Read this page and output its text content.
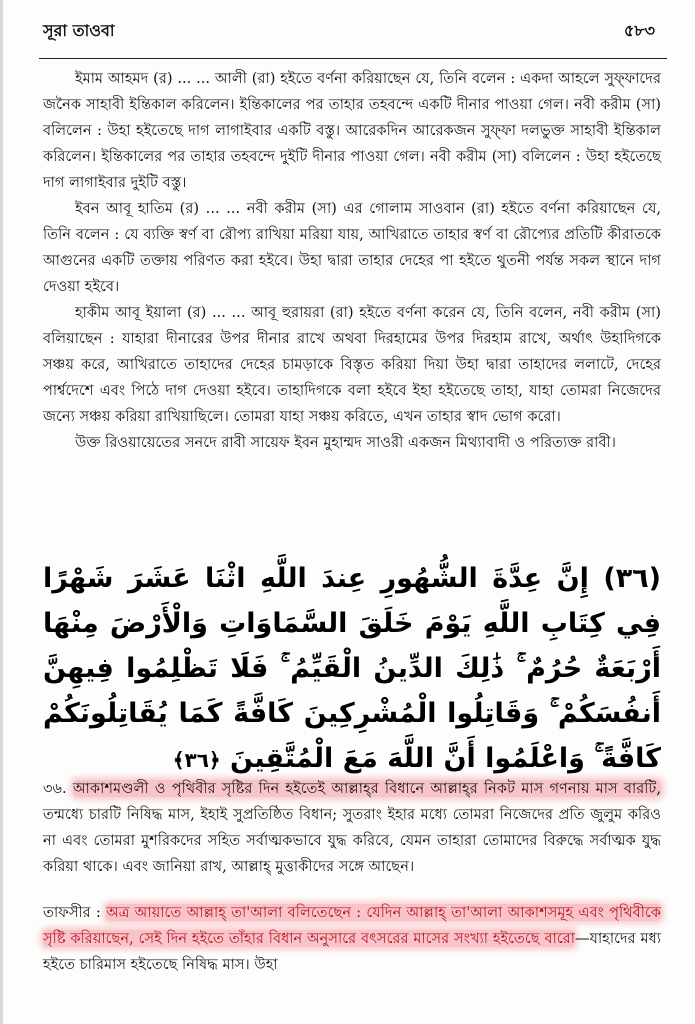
সূরা তাওবা	৫৮৩

ইমাম আহমদ (র) ... ... আলী (রা) হইতে বর্ণনা করিয়াছেন যে, তিনি বলেন : একদা আহলে সুফ্ফাদের জনৈক সাহাবী ইন্তিকাল করিলেন। ইন্তিকালের পর তাহার তহবন্দে একটি দীনার পাওয়া গেল। নবী করীম (সা) বলিলেন : উহা হইতেছে দাগ লাগাইবার একটি বস্তু। আরেকদিন আরেকজন সুফ্ফা দলভুক্ত সাহাবী ইন্তিকাল করিলেন। ইন্তিকালের পর তাহার তহবন্দে দুইটি দীনার পাওয়া গেল। নবী করীম (সা) বলিলেন : উহা হইতেছে দাগ লাগাইবার দুইটি বস্তু।

ইবন আবূ হাতিম (র) ... ... নবী করীম (সা) এর গোলাম সাওবান (রা) হইতে বর্ণনা করিয়াছেন যে, তিনি বলেন : যে ব্যক্তি স্বর্ণ বা রৌপ্য রাখিয়া মরিয়া যায়, আখিরাতে তাহার স্বর্ণ বা রৌপ্যের প্রতিটি কীরাতকে আগুনের একটি তক্তায় পরিণত করা হইবে। উহা দ্বারা তাহার দেহের পা হইতে থুতনী পর্যন্ত সকল স্থানে দাগ দেওয়া হইবে।

হাকীম আবূ ইয়ালা (র) ... ... আবূ হুরায়রা (রা) হইতে বর্ণনা করেন যে, তিনি বলেন, নবী করীম (সা) বলিয়াছেন : যাহারা দীনারের উপর দীনার রাখে অথবা দিরহামের উপর দিরহাম রাখে, অর্থাৎ উহাদিগকে সঞ্চয় করে, আখিরাতে তাহাদের দেহের চামড়াকে বিস্তৃত করিয়া দিয়া উহা দ্বারা তাহাদের ললাটে, দেহের পার্শ্বদেশে এবং পিঠে দাগ দেওয়া হইবে। তাহাদিগকে বলা হইবে ইহা হইতেছে তাহা, যাহা তোমরা নিজেদের জন্যে সঞ্চয় করিয়া রাখিয়াছিলে। তোমরা যাহা সঞ্চয় করিতে, এখন তাহার স্বাদ ভোগ করো।

উক্ত রিওয়ায়েতের সনদে রাবী সায়েফ ইবন মুহাম্মদ সাওরী একজন মিথ্যাবাদী ও পরিত্যক্ত রাবী।

(٣٦) إِنَّ عِدَّةَ الشُّهُورِ عِندَ اللَّهِ اثْنَا عَشَرَ شَهْرًا فِي كِتَابِ اللَّهِ يَوْمَ خَلَقَ السَّمَاوَاتِ وَالْأَرْضَ مِنْهَا أَرْبَعَةٌ حُرُمٌ ۚ ذَٰلِكَ الدِّينُ الْقَيِّمُ ۚ فَلَا تَظْلِمُوا فِيهِنَّ أَنفُسَكُمْ ۚ وَقَاتِلُوا الْمُشْرِكِينَ كَافَّةً كَمَا يُقَاتِلُونَكُمْ كَافَّةً ۚ وَاعْلَمُوا أَنَّ اللَّهَ مَعَ الْمُتَّقِينَ ﴿٣٦﴾
৩৬. আকাশমণ্ডলী ও পৃথিবীর সৃষ্টির দিন হইতেই আল্লাহ্‌র বিধানে আল্লাহ্‌র নিকট মাস গণনায় মাস বারটি, তন্মধ্যে চারটি নিষিদ্ধ মাস, ইহাই সুপ্রতিষ্ঠিত বিধান; সুতরাং ইহার মধ্যে তোমরা নিজেদের প্রতি জুলুম করিও না এবং তোমরা মুশরিকদের সহিত সর্বাত্মকভাবে যুদ্ধ করিবে, যেমন তাহারা তোমাদের বিরুদ্ধে সর্বাত্মক যুদ্ধ করিয়া থাকে। এবং জানিয়া রাখ, আল্লাহ্ মুত্তাকীদের সঙ্গে আছেন।
তাফসীর : অত্র আয়াতে আল্লাহ্‌ তা'আলা বলিতেছেন : যেদিন আল্লাহ্‌ তা'আলা আকাশসমূহ এবং পৃথিবীকে সৃষ্টি করিয়াছেন, সেই দিন হইতে তাঁহার বিধান অনুসারে বৎসরের মাসের সংখ্যা হইতেছে বারো—যাহাদের মধ্য হইতে চারিমাস হইতেছে নিষিদ্ধ মাস। উহা
